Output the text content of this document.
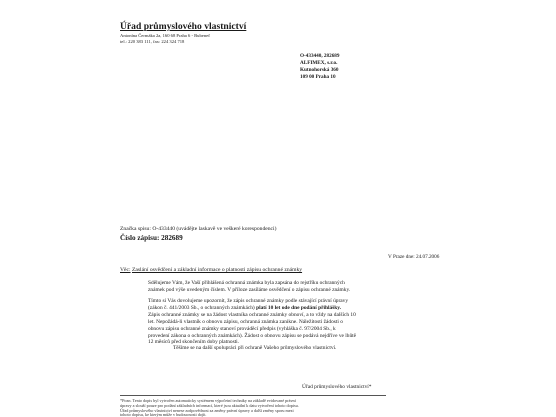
Úřad průmyslového vlastnictví
Antonína Čermáka 2a, 160 68 Praha 6 - Bubeneč
tel.: 220 383 111, fax: 224 324 718
O-433440, 282689
ALFIMEX, s.r.o.
Kutnohorská 360
109 00 Praha 10
Značka spisu: O-433440 (uvádějte laskavě ve veškeré korespondenci)
Číslo zápisu: 282689
V Praze dne: 24.07.2006
Věc: Zaslání osvědčení a základní informace o platnosti zápisu ochranné známky
Sdělujeme Vám, že Vaší přihlášená ochranná známka byla zapsána do rejstříku ochranných
známek pod výše uvedeným číslem. V příloze zasíláme osvědčení o zápisu ochranné známky.
Tímto si Vás dovolujeme upozornit, že zápis ochranné známky podle stávající právní úpravy
(zákon č. 441/2003 Sb., o ochranných známkách) platí 10 let ode dne podání přihlášky.
Zápis ochranné známky se na žádost vlastníka ochranné známky obnoví, a to vždy na dalších 10
let. Nepožádá-li vlastník o obnovu zápisu, ochranná známka zanikne. Náležitosti žádosti o
obnovu zápisu ochranné známky stanoví prováděcí předpis (vyhláška č. 97/2004 Sb., k
provedení zákona o ochranných známkách). Žádost o obnovu zápisu se podává nejdříve ve lhůtě
Těšíme se na další spolupráci při ochraně Vašeho průmyslového vlastnictví.
Úřad průmyslového vlastnictví*
*Pozn. Tento dopis byl vytvořen automaticky systémem výpočetní techniky na základě evidované právní
úpravy a slouží pouze pro podání základních informací, které jsou aktuální k datu vytvoření tohoto dopisu.
Úřad průmyslového vlastnictví nenese zodpovědnost za změny právní úpravy a další změny sporu mezi
tohoto dopisu, ke kterým může v budoucnosti dojít.
12 měsíců před skončením doby platnosti.
